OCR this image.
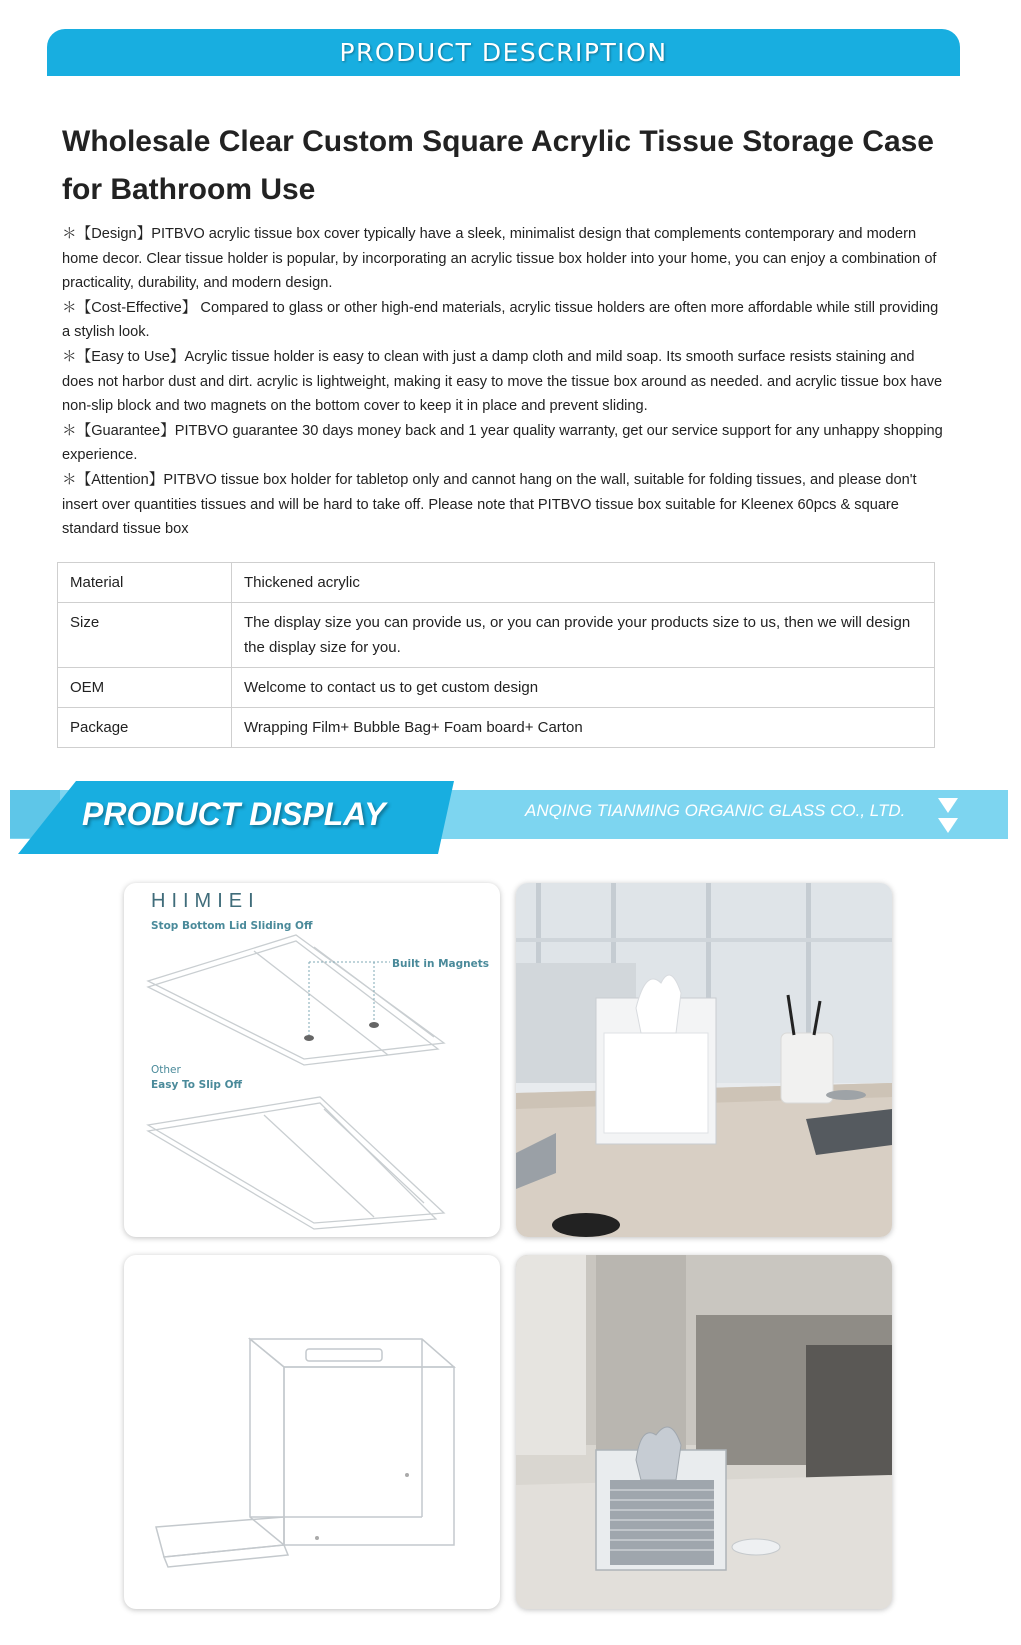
PRODUCT DESCRIPTION
Wholesale Clear Custom Square Acrylic Tissue Storage Case for Bathroom Use

＊【Design】PITBVO acrylic tissue box cover typically have a sleek, minimalist design that complements contemporary and modern home decor. Clear tissue holder is popular, by incorporating an acrylic tissue box holder into your home, you can enjoy a combination of practicality, durability, and modern design.

＊【Cost-Effective】 Compared to glass or other high-end materials, acrylic tissue holders are often more affordable while still providing a stylish look.

＊【Easy to Use】Acrylic tissue holder is easy to clean with just a damp cloth and mild soap. Its smooth surface resists staining and does not harbor dust and dirt. acrylic is lightweight, making it easy to move the tissue box around as needed. and acrylic tissue box have non-slip block and two magnets on the bottom cover to keep it in place and prevent sliding.

＊【Guarantee】PITBVO guarantee 30 days money back and 1 year quality warranty, get our service support for any unhappy shopping experience.

＊【Attention】PITBVO tissue box holder for tabletop only and cannot hang on the wall, suitable for folding tissues, and please don't insert over quantities tissues and will be hard to take off. Please note that PITBVO tissue box suitable for Kleenex 60pcs & square standard tissue box

Material	Thickened acrylic
Size	The display size you can provide us, or you can provide your products size to us, then we will design the display size for you.
OEM	Welcome to contact us to get custom design
Package	Wrapping Film+ Bubble Bag+ Foam board+ Carton
PRODUCT DISPLAY	ANQING TIANMING ORGANIC GLASS CO., LTD.
HIIMIEI
Stop Bottom Lid Sliding Off
Built in Magnets
Other
Easy To Slip Off
